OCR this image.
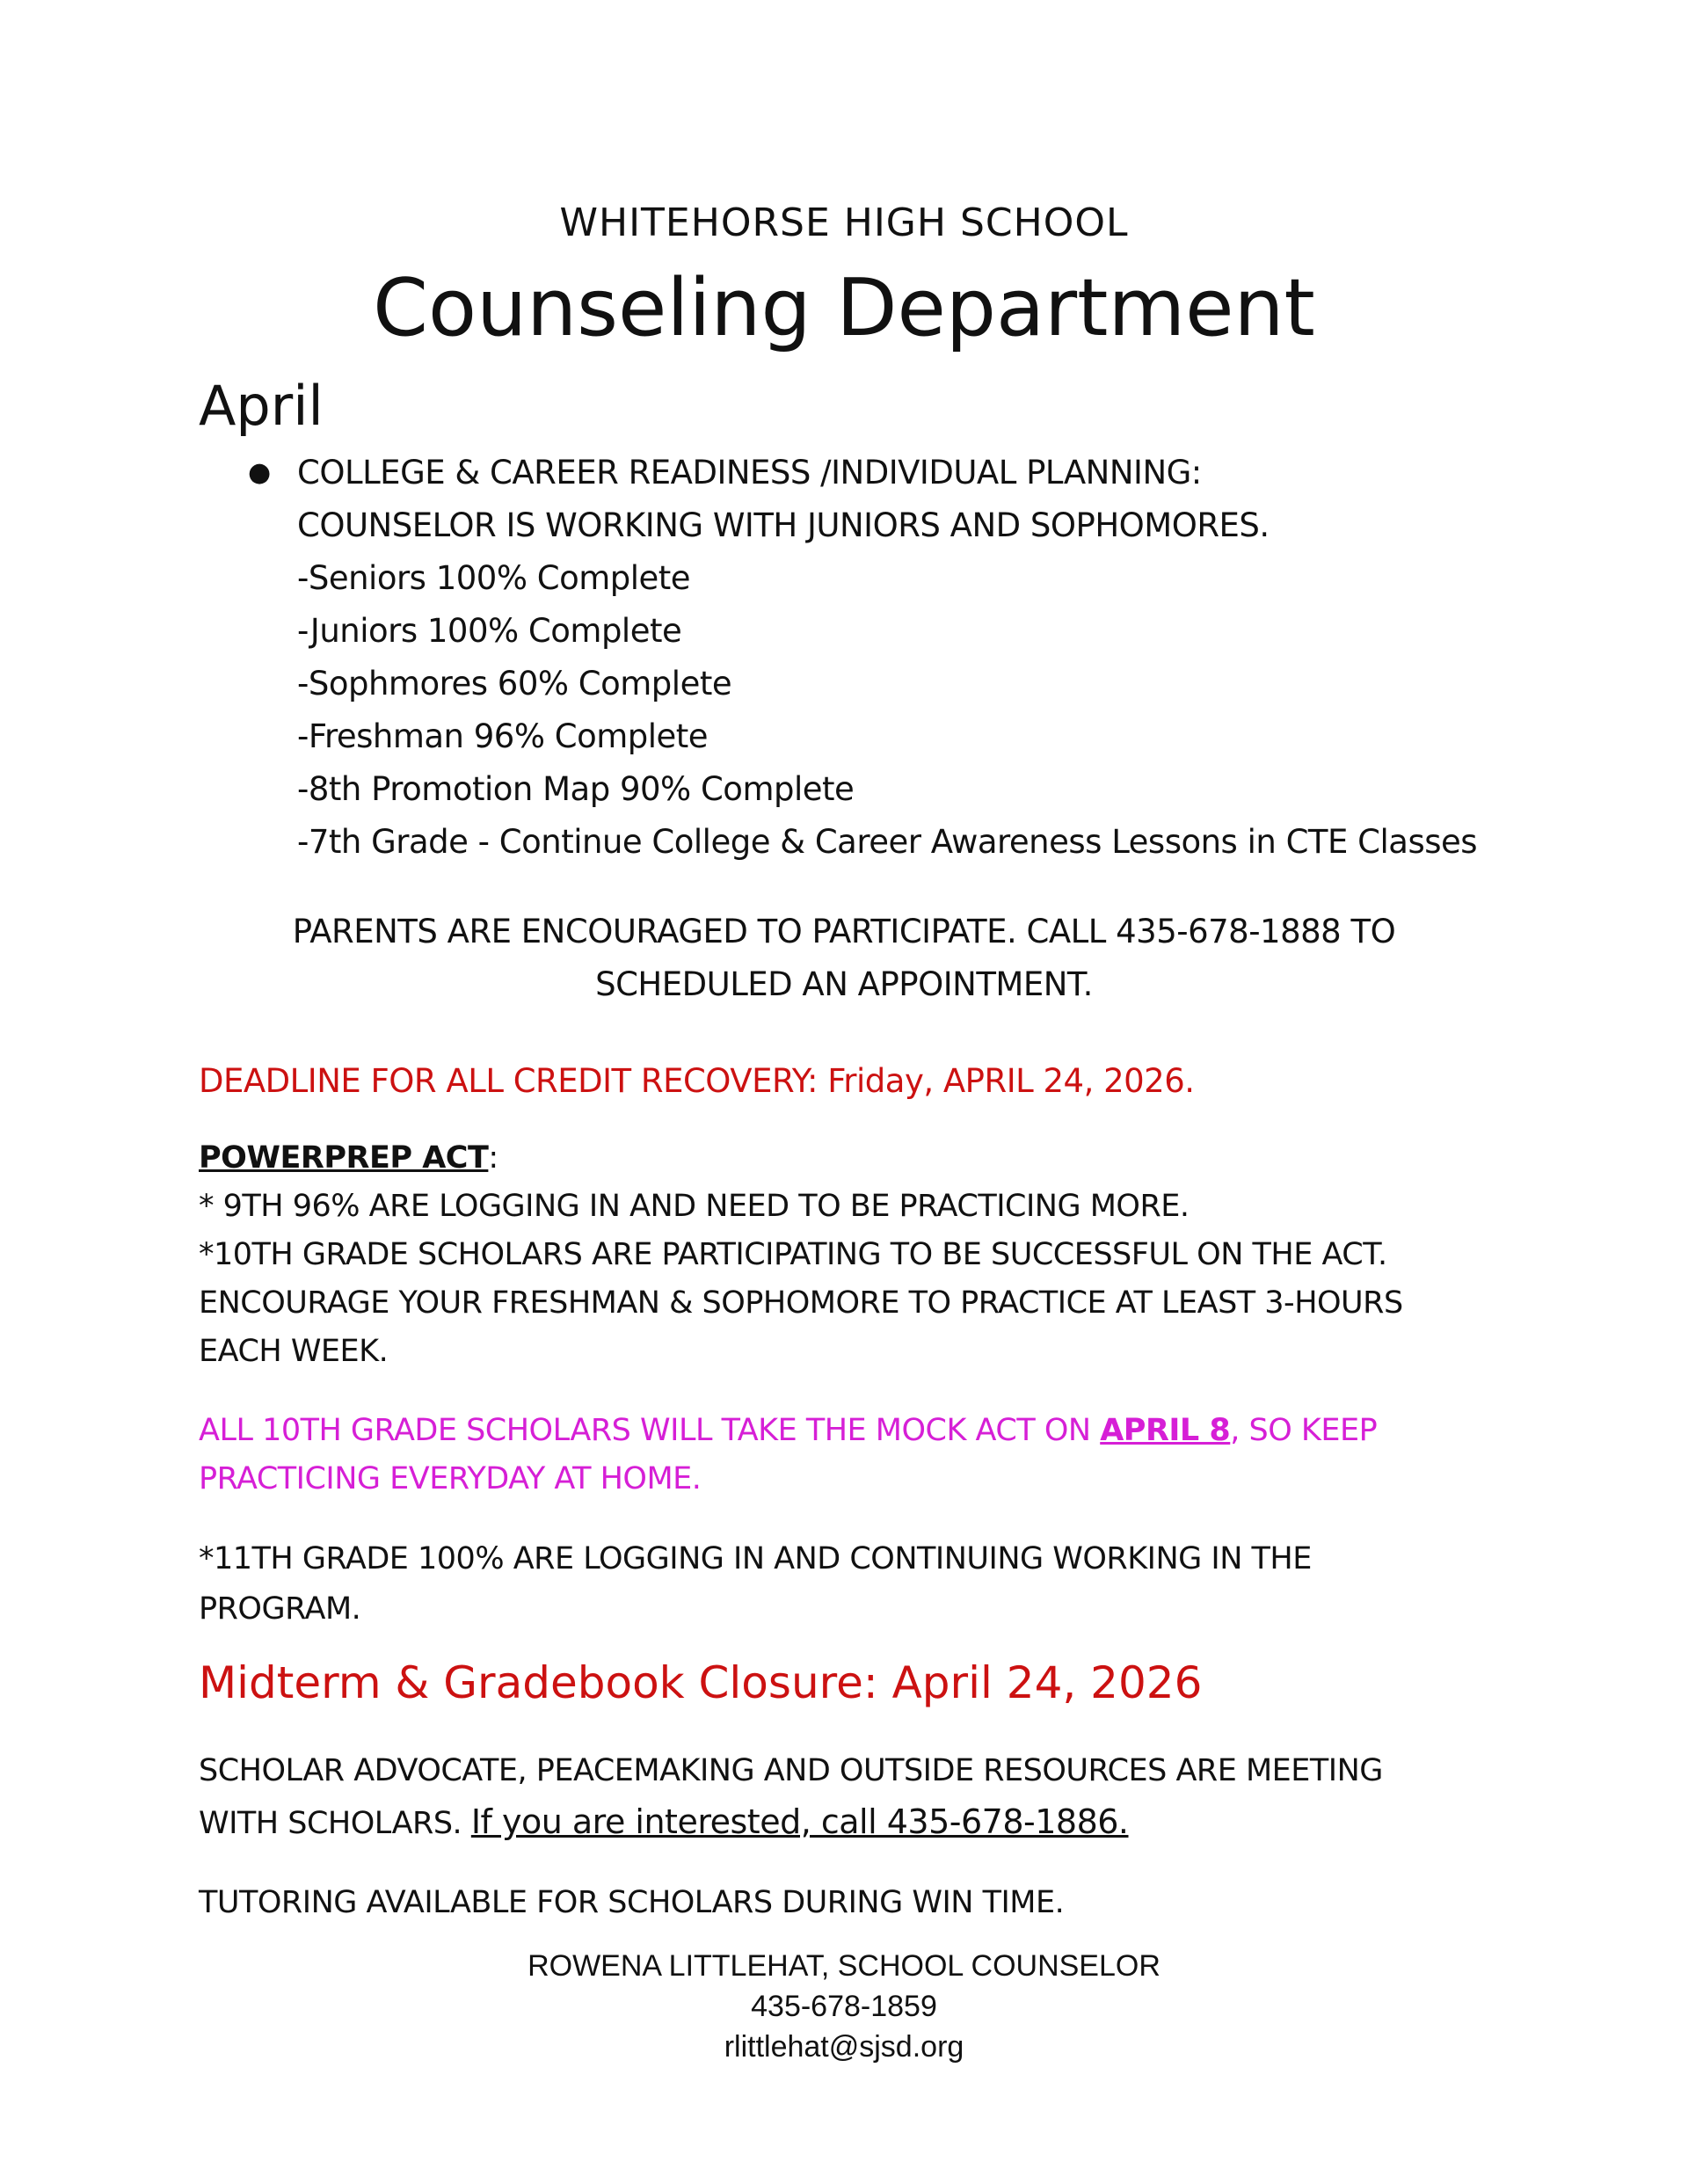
WHITEHORSE HIGH SCHOOL
Counseling Department
April
● COLLEGE & CAREER READINESS /INDIVIDUAL PLANNING:
COUNSELOR IS WORKING WITH JUNIORS AND SOPHOMORES.
-Seniors 100% Complete
-Juniors 100% Complete
-Sophmores 60% Complete
-Freshman 96% Complete
-8th Promotion Map 90% Complete
-7th Grade - Continue College & Career Awareness Lessons in CTE Classes
PARENTS ARE ENCOURAGED TO PARTICIPATE. CALL 435-678-1888 TO
SCHEDULED AN APPOINTMENT.
DEADLINE FOR ALL CREDIT RECOVERY: Friday, APRIL 24, 2026.
POWERPREP ACT:
* 9TH 96% ARE LOGGING IN AND NEED TO BE PRACTICING MORE.
*10TH GRADE SCHOLARS ARE PARTICIPATING TO BE SUCCESSFUL ON THE ACT.
ENCOURAGE YOUR FRESHMAN & SOPHOMORE TO PRACTICE AT LEAST 3-HOURS
EACH WEEK.
ALL 10TH GRADE SCHOLARS WILL TAKE THE MOCK ACT ON APRIL 8, SO KEEP
PRACTICING EVERYDAY AT HOME.
*11TH GRADE 100% ARE LOGGING IN AND CONTINUING WORKING IN THE
PROGRAM.
Midterm & Gradebook Closure: April 24, 2026
SCHOLAR ADVOCATE, PEACEMAKING AND OUTSIDE RESOURCES ARE MEETING
WITH SCHOLARS. If you are interested, call 435-678-1886.
TUTORING AVAILABLE FOR SCHOLARS DURING WIN TIME.
ROWENA LITTLEHAT, SCHOOL COUNSELOR
435-678-1859
rlittlehat@sjsd.org
